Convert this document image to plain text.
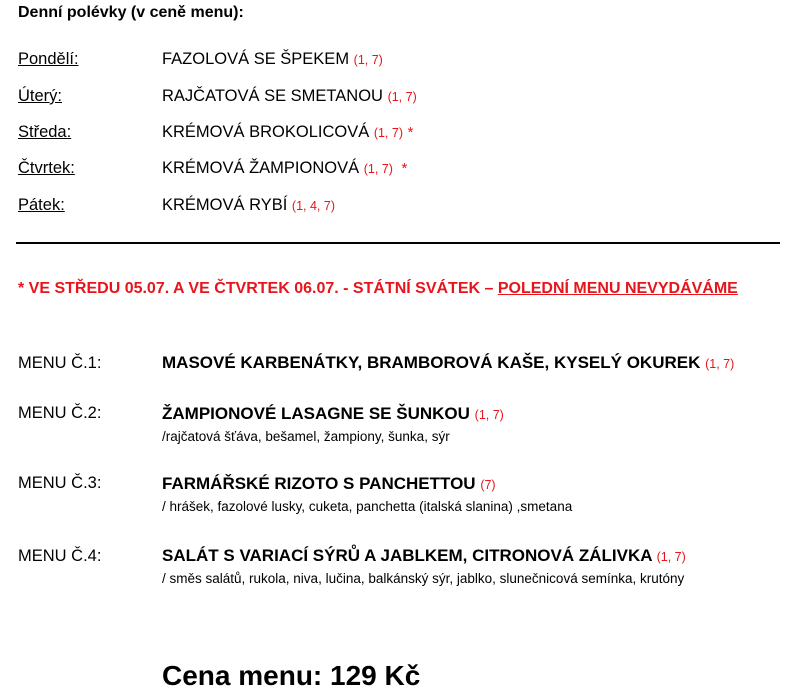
Denní polévky (v ceně menu):
Pondělí:	FAZOLOVÁ SE ŠPEKEM (1, 7)
Úterý:	RAJČATOVÁ SE SMETANOU (1, 7)
Středa:	KRÉMOVÁ BROKOLICOVÁ (1, 7) *
Čtvrtek:	KRÉMOVÁ ŽAMPIONOVÁ (1, 7) *
Pátek:	KRÉMOVÁ RYBÍ (1, 4, 7)
* VE STŘEDU 05.07. A VE ČTVRTEK 06.07. - STÁTNÍ SVÁTEK – POLEDNÍ MENU NEVYDÁVÁME
MENU Č.1:	MASOVÉ KARBENÁTKY, BRAMBOROVÁ KAŠE, KYSELÝ OKUREK (1, 7)
MENU Č.2:	ŽAMPIONOVÉ LASAGNE SE ŠUNKOU (1, 7)
/rajčatová šťáva, bešamel, žampiony, šunka, sýr
MENU Č.3:	FARMÁŘSKÉ RIZOTO S PANCHETTOU (7)
/ hrášek, fazolové lusky, cuketa, panchetta (italská slanina) ,smetana
MENU Č.4:	SALÁT S VARIACÍ SÝRŮ A JABLKEM, CITRONOVÁ ZÁLIVKA (1, 7)
/ směs salátů, rukola, niva, lučina, balkánský sýr, jablko, slunečnicová semínka, krutóny
Cena menu: 129 Kč
